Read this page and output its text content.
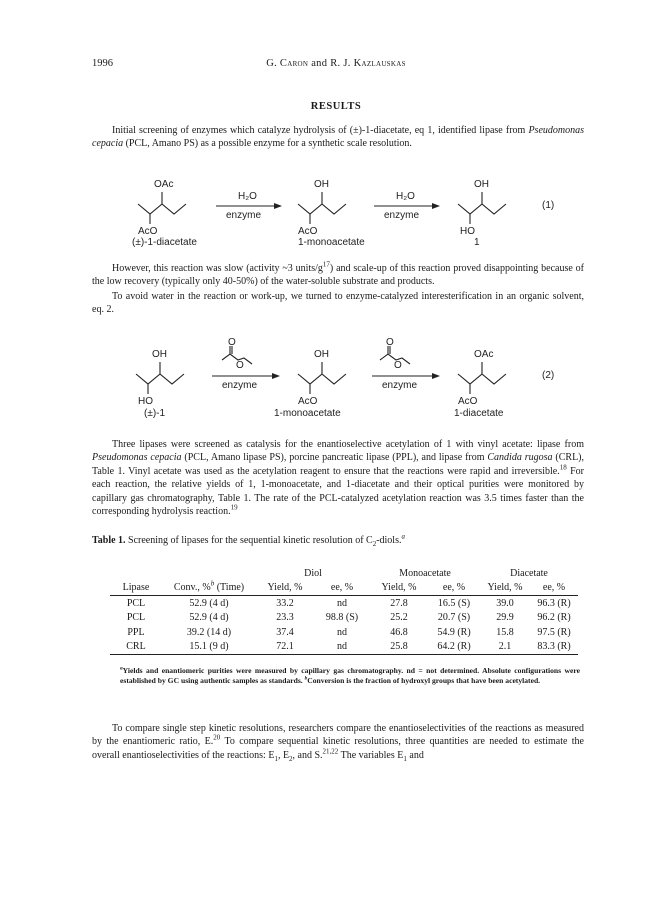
1996	G. Caron and R. J. Kazlauskas
RESULTS
Initial screening of enzymes which catalyze hydrolysis of (±)-1-diacetate, eq 1, identified lipase from Pseudomonas cepacia (PCL, Amano PS) as a possible enzyme for a synthetic scale resolution.
OAc
AcO
(±)-1-diacetate
H₂O
enzyme
OH
AcO
1-monoacetate
H₂O
enzyme
OH
HO
1
(1)
However, this reaction was slow (activity ~3 units/$g^{17}$) and scale-up of this reaction proved disappointing because of the low recovery (typically only 40-50%) of the water-soluble substrate and products.
To avoid water in the reaction or work-up, we turned to enzyme-catalyzed interesterification in an organic solvent, eq. 2.
OH
HO
(±)-1
O
O
enzyme
OH
AcO
1-monoacetate
O
O
enzyme
OAc
AcO
1-diacetate
(2)
Three lipases were screened as catalysis for the enantioselective acetylation of 1 with vinyl acetate: lipase from Pseudomonas cepacia (PCL, Amano lipase PS), porcine pancreatic lipase (PPL), and lipase from Candida rugosa (CRL), Table 1. Vinyl acetate was used as the acetylation reagent to ensure that the reactions were rapid and irreversible.$^{18}$ For each reaction, the relative yields of 1, 1-monoacetate, and 1-diacetate and their optical purities were monitored by capillary gas chromatography, Table 1. The rate of the PCL-catalyzed acetylation reaction was 3.5 times faster than the corresponding hydrolysis reaction.$^{19}$
Table 1. Screening of lipases for the sequential kinetic resolution of $C_2-diols.^a$
		Diol		Monoacetate		Diacetate	
Lipase	Conv., %$^b$ (Time)	Yield, %	ee, %	Yield, %	ee, %	Yield, %	ee, %
PCL	52.9 (4 d)	33.2	nd	27.8	16.5 (S)	39.0	96.3 (R)
PCL	52.9 (4 d)	23.3	98.8 (S)	25.2	20.7 (S)	29.9	96.2 (R)
PPL	39.2 (14 d)	37.4	nd	46.8	54.9 (R)	15.8	97.5 (R)
CRL	15.1 (9 d)	72.1	nd	25.8	64.2 (R)	2.1	83.3 (R)
$^a$Yields and enantiomeric purities were measured by capillary gas chromatography. nd = not determined. Absolute configurations were established by GC using authentic samples as standards. $^b$Conversion is the fraction of hydroxyl groups that have been acetylated.
To compare single step kinetic resolutions, researchers compare the enantioselectivities of the reactions as measured by the enantiomeric ratio, E.$^{20}$ To compare sequential kinetic resolutions, three quantities are needed to estimate the overall enantioselectivities of the reactions: $E_1$, $E_2$, and S.$^{21,22}$ The variables $E_1$ and
